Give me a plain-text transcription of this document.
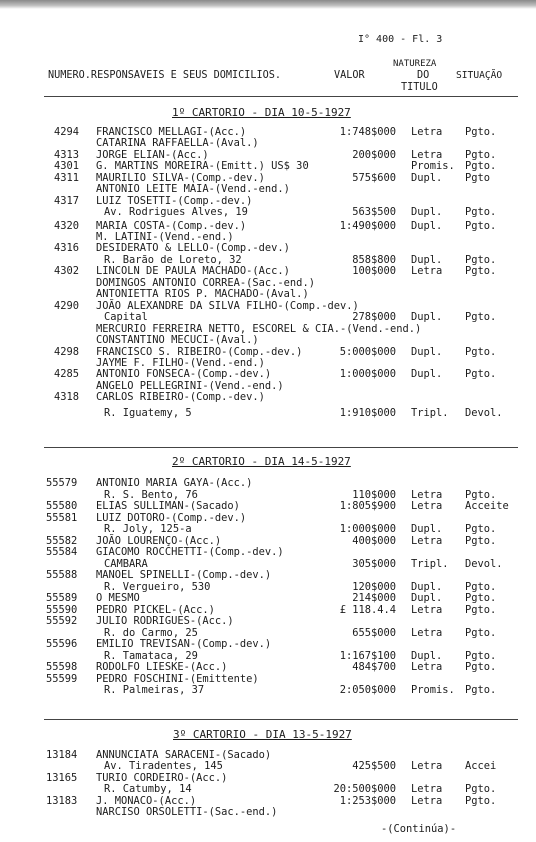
I° 400 - Fl. 3
NUMERO.RESPONSAVEIS E SEUS DOMICILIOS.	VALOR
NATUREZA
DO
TITULO
SITUAÇÃO
1º CARTORIO - DIA 10-5-1927
4294 FRANCISCO MELLAGI-(Acc.)	1:748$000 Letra Pgto.
CATARINA RAFFAELLA-(Aval.)
4313 JORGE ELIAN-(Acc.)	200$000 Letra Pgto.
4301 G. MARTINS MOREIRA-(Emitt.) US$ 30	Promis. Pgto.
4311 MAURILIO SILVA-(Comp.-dev.)	575$600 Dupl. Pgto
ANTONIO LEITE MAIA-(Vend.-end.)
4317 LUIZ TOSETTI-(Comp.-dev.)
Av. Rodrigues Alves, 19	563$500 Dupl. Pgto.
4320 MARIA COSTA-(Comp.-dev.)	1:490$000 Dupl. Pgto.
M. LATINI-(Vend.-end.)
4316 DESIDERATO & LELLO-(Comp.-dev.)
R. Barão de Loreto, 32	858$800 Dupl. Pgto.
4302 LINCOLN DE PAULA MACHADO-(Acc.)	100$000 Letra Pgto.
DOMINGOS ANTONIO CORREA-(Sac.-end.)
ANTONIETTA RIOS P. MACHADO-(Aval.)
4290 JOÃO ALEXANDRE DA SILVA FILHO-(Comp.-dev.)
Capital	278$000 Dupl. Pgto.
MERCURIO FERREIRA NETTO, ESCOREL & CIA.-(Vend.-end.)
CONSTANTINO MECUCI-(Aval.)
4298 FRANCISCO S. RIBEIRO-(Comp.-dev.)	5:000$000 Dupl. Pgto.
JAYME F. FILHO-(Vend.-end.)
4285 ANTONIO FONSECA-(Comp.-dev.)	1:000$000 Dupl. Pgto.
ANGELO PELLEGRINI-(Vend.-end.)
4318 CARLOS RIBEIRO-(Comp.-dev.)
R. Iguatemy, 5	1:910$000 Tripl. Devol.
2º CARTORIO - DIA 14-5-1927
55579 ANTONIO MARIA GAYA-(Acc.)
R. S. Bento, 76	110$000 Letra Pgto.
55580 ELIAS SULLIMAN-(Sacado)	1:805$900 Letra Acceite
55581 LUIZ DOTORO-(Comp.-dev.)
R. Joly, 125-a	1:000$000 Dupl. Pgto.
55582 JOÃO LOURENÇO-(Acc.)	400$000 Letra Pgto.
55584 GIACOMO ROCCHETTI-(Comp.-dev.)
CAMBARA	305$000 Tripl. Devol.
55588 MANOEL SPINELLI-(Comp.-dev.)
R. Vergueiro, 530	120$000 Dupl. Pgto.
55589 O MESMO	214$000 Dupl. Pgto.
55590 PEDRO PICKEL-(Acc.)	£ 118.4.4 Letra Pgto.
55592 JULIO RODRIGUES-(Acc.)
R. do Carmo, 25	655$000 Letra Pgto.
55596 EMILIO TREVISAN-(Comp.-dev.)
R. Tamataca, 29	1:167$100 Dupl. Pgto.
55598 RODOLFO LIESKE-(Acc.)	484$700 Letra Pgto.
55599 PEDRO FOSCHINI-(Emittente)
R. Palmeiras, 37	2:050$000 Promis. Pgto.
3º CARTORIO - DIA 13-5-1927
13184 ANNUNCIATA SARACENI-(Sacado)
Av. Tiradentes, 145	425$500 Letra Accei
13165 TURIO CORDEIRO-(Acc.)
R. Catumby, 14	20:500$000 Letra Pgto.
13183 J. MONACO-(Acc.)	1:253$000 Letra Pgto.
NARCISO ORSOLETTI-(Sac.-end.)
-(Continúa)-
